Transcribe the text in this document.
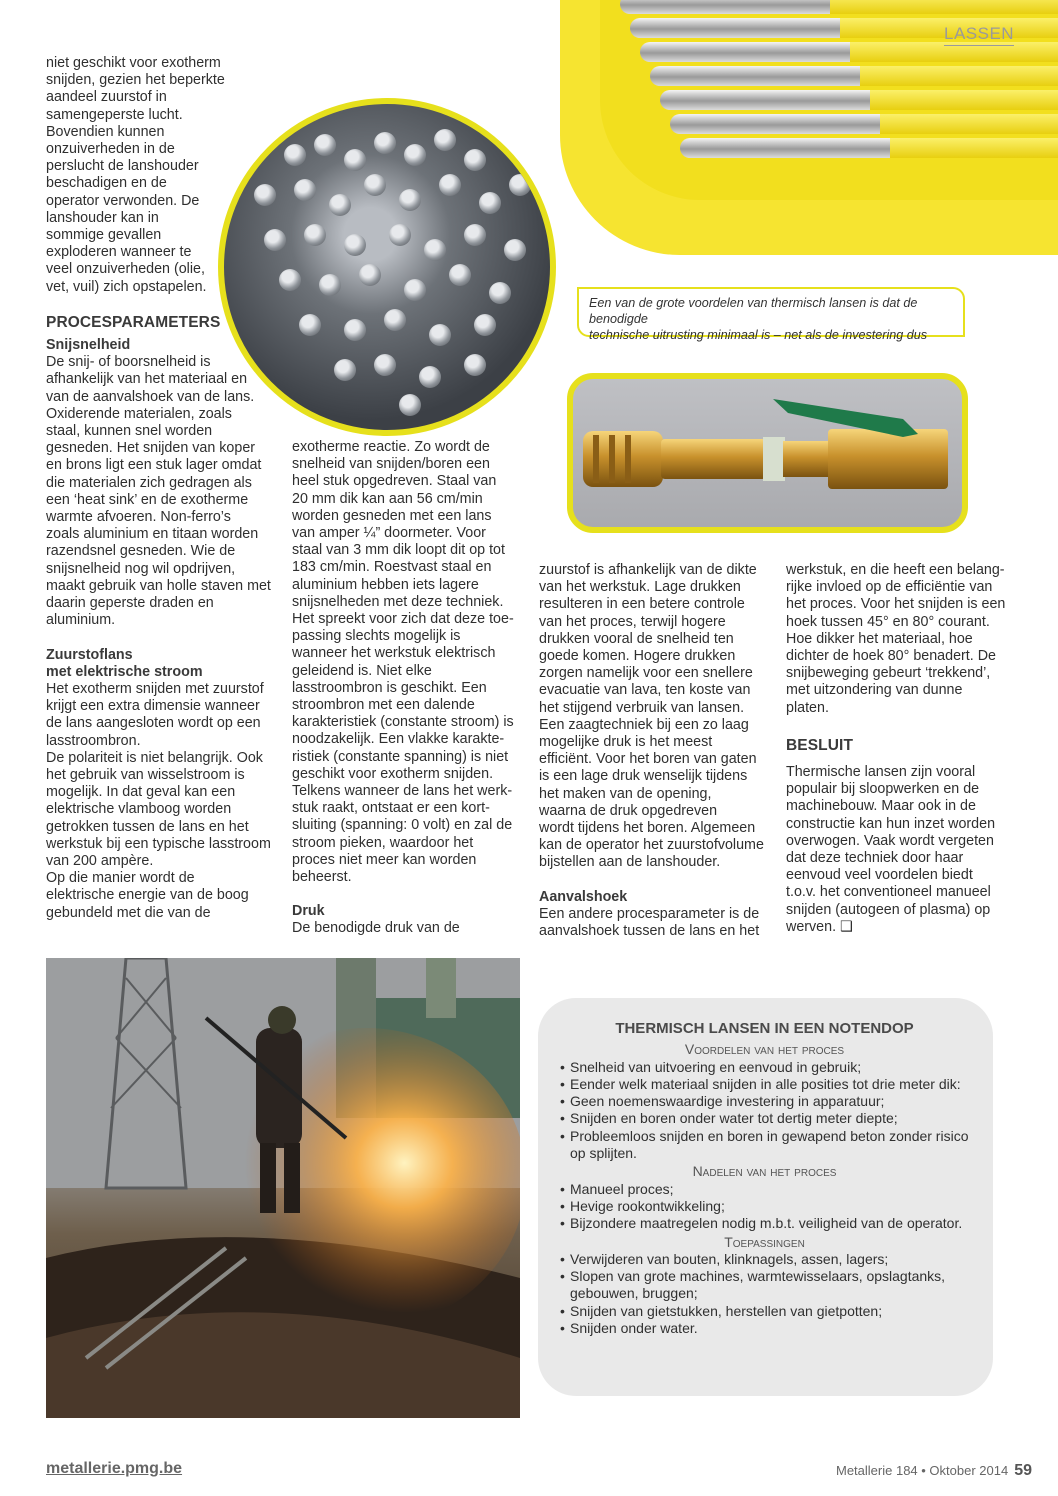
LASSEN

niet geschikt voor exotherm

snijden, gezien het beperkte

aandeel zuurstof in

samengeperste lucht.

Bovendien kunnen

onzuiverheden in de

perslucht de lanshouder

beschadigen en de

operator verwonden. De

lanshouder kan in

sommige gevallen

exploderen wanneer te

veel onzuiverheden (olie,

vet, vuil) zich opstapelen.

PROCESPARAMETERS

Snijsnelheid

De snij- of boorsnelheid is

afhankelijk van het materiaal en

van de aanvalshoek van de lans.

Oxiderende materialen, zoals

staal, kunnen snel worden

gesneden. Het snijden van koper

en brons ligt een stuk lager omdat

die materialen zich gedragen als

een ‘heat sink’ en de exotherme

warmte afvoeren. Non-ferro’s

zoals aluminium en titaan worden

razendsnel gesneden. Wie de

snijsnelheid nog wil opdrijven,

maakt gebruik van holle staven met

daarin geperste draden en

aluminium.

Zuurstoflans

met elektrische stroom

Het exotherm snijden met zuurstof

krijgt een extra dimensie wanneer

de lans aangesloten wordt op een

lasstroombron.

De polariteit is niet belangrijk. Ook

het gebruik van wisselstroom is

mogelijk. In dat geval kan een

elektrische vlamboog worden

getrokken tussen de lans en het

werkstuk bij een typische lasstroom

van 200 ampère.

Op die manier wordt de

elektrische energie van de boog

gebundeld met die van de

Een van de grote voordelen van thermisch lansen is dat de benodigde
technische uitrusting minimaal is – net als de investering dus

exotherme reactie. Zo wordt de

snelheid van snijden/boren een

heel stuk opgedreven. Staal van

20 mm dik kan aan 56 cm/min

worden gesneden met een lans

van amper ¼” doormeter. Voor

staal van 3 mm dik loopt dit op tot

183 cm/min. Roestvast staal en

aluminium hebben iets lagere

snijsnelheden met deze techniek.

Het spreekt voor zich dat deze toe-

passing slechts mogelijk is

wanneer het werkstuk elektrisch

geleidend is. Niet elke

lasstroombron is geschikt. Een

stroombron met een dalende

karakteristiek (constante stroom) is

noodzakelijk. Een vlakke karakte-

ristiek (constante spanning) is niet

geschikt voor exotherm snijden.

Telkens wanneer de lans het werk-

stuk raakt, ontstaat er een kort-

sluiting (spanning: 0 volt) en zal de

stroom pieken, waardoor het

proces niet meer kan worden

beheerst.

Druk

De benodigde druk van de

zuurstof is afhankelijk van de dikte

van het werkstuk. Lage drukken

resulteren in een betere controle

van het proces, terwijl hogere

drukken vooral de snelheid ten

goede komen. Hogere drukken

zorgen namelijk voor een snellere

evacuatie van lava, ten koste van

het stijgend verbruik van lansen.

Een zaagtechniek bij een zo laag

mogelijke druk is het meest

efficiënt. Voor het boren van gaten

is een lage druk wenselijk tijdens

het maken van de opening,

waarna de druk opgedreven

wordt tijdens het boren. Algemeen

kan de operator het zuurstofvolume

bijstellen aan de lanshouder.

Aanvalshoek

Een andere procesparameter is de

aanvalshoek tussen de lans en het

werkstuk, en die heeft een belang-

rijke invloed op de efficiëntie van

het proces. Voor het snijden is een

hoek tussen 45° en 80° courant.

Hoe dikker het materiaal, hoe

dichter de hoek 80° benadert. De

snijbeweging gebeurt ‘trekkend’,

met uitzondering van dunne

platen.

BESLUIT

Thermische lansen zijn vooral

populair bij sloopwerken en de

machinebouw. Maar ook in de

constructie kan hun inzet worden

overwogen. Vaak wordt vergeten

dat deze techniek door haar

eenvoud veel voordelen biedt

t.o.v. het conventioneel manueel

snijden (autogeen of plasma) op

werven. ❑

THERMISCH LANSEN IN EEN NOTENDOP
Voordelen van het proces
• Snelheid van uitvoering en eenvoud in gebruik;
• Eender welk materiaal snijden in alle posities tot drie meter dik:
• Geen noemenswaardige investering in apparatuur;
• Snijden en boren onder water tot dertig meter diepte;
• Probleemloos snijden en boren in gewapend beton zonder risico op splijten.
Nadelen van het proces
• Manueel proces;
• Hevige rookontwikkeling;
• Bijzondere maatregelen nodig m.b.t. veiligheid van de operator.
Toepassingen
• Verwijderen van bouten, klinknagels, assen, lagers;
• Slopen van grote machines, warmtewisselaars, opslagtanks, gebouwen, bruggen;
• Snijden van gietstukken, herstellen van gietpotten;
• Snijden onder water.
metallerie.pmg.be	Metallerie 184 • Oktober 2014 59
